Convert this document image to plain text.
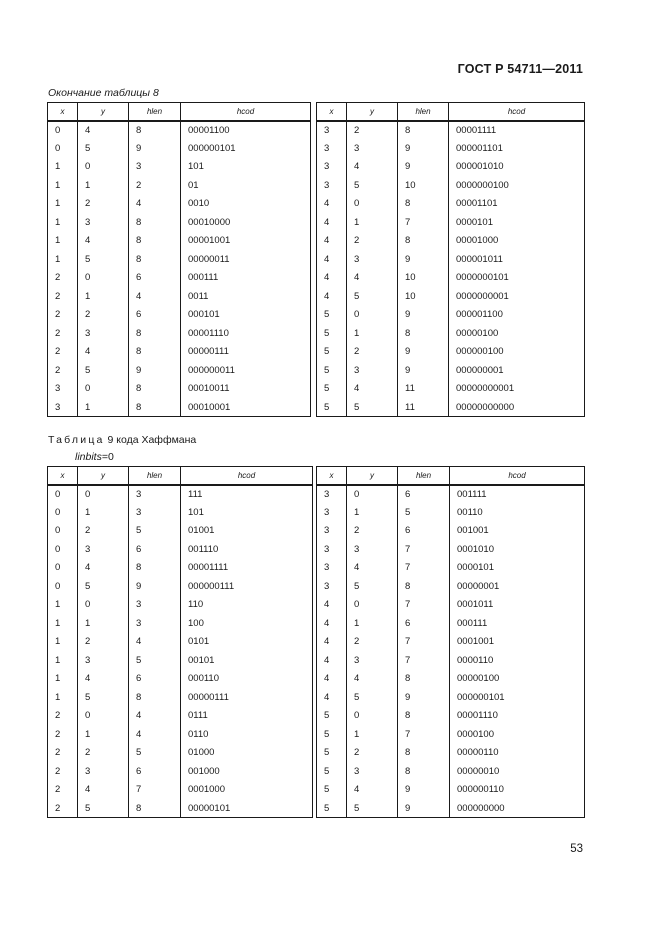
ГОСТ Р 54711—2011
Окончание таблицы 8
x	y	hlen	hcod		x	y	hlen	hcod
0	4	8	00001100		3	2	8	00001111
0	5	9	000000101		3	3	9	000001101
1	0	3	101		3	4	9	000001010
1	1	2	01		3	5	10	0000000100
1	2	4	0010		4	0	8	00001101
1	3	8	00010000		4	1	7	0000101
1	4	8	00001001		4	2	8	00001000
1	5	8	00000011		4	3	9	000001011
2	0	6	000111		4	4	10	0000000101
2	1	4	0011		4	5	10	0000000001
2	2	6	000101		5	0	9	000001100
2	3	8	00001110		5	1	8	00000100
2	4	8	00000111		5	2	9	000000100
2	5	9	000000011		5	3	9	000000001
3	0	8	00010011		5	4	11	00000000001
3	1	8	00010001		5	5	11	00000000000
Таблица 9 кода Хаффмана
linbits=0
x	y	hlen	hcod		x	y	hlen	hcod
0	0	3	111		3	0	6	001111
0	1	3	101		3	1	5	00110
0	2	5	01001		3	2	6	001001
0	3	6	001110		3	3	7	0001010
0	4	8	00001111		3	4	7	0000101
0	5	9	000000111		3	5	8	00000001
1	0	3	110		4	0	7	0001011
1	1	3	100		4	1	6	000111
1	2	4	0101		4	2	7	0001001
1	3	5	00101		4	3	7	0000110
1	4	6	000110		4	4	8	00000100
1	5	8	00000111		4	5	9	000000101
2	0	4	0111		5	0	8	00001110
2	1	4	0110		5	1	7	0000100
2	2	5	01000		5	2	8	00000110
2	3	6	001000		5	3	8	00000010
2	4	7	0001000		5	4	9	000000110
2	5	8	00000101		5	5	9	000000000
53
